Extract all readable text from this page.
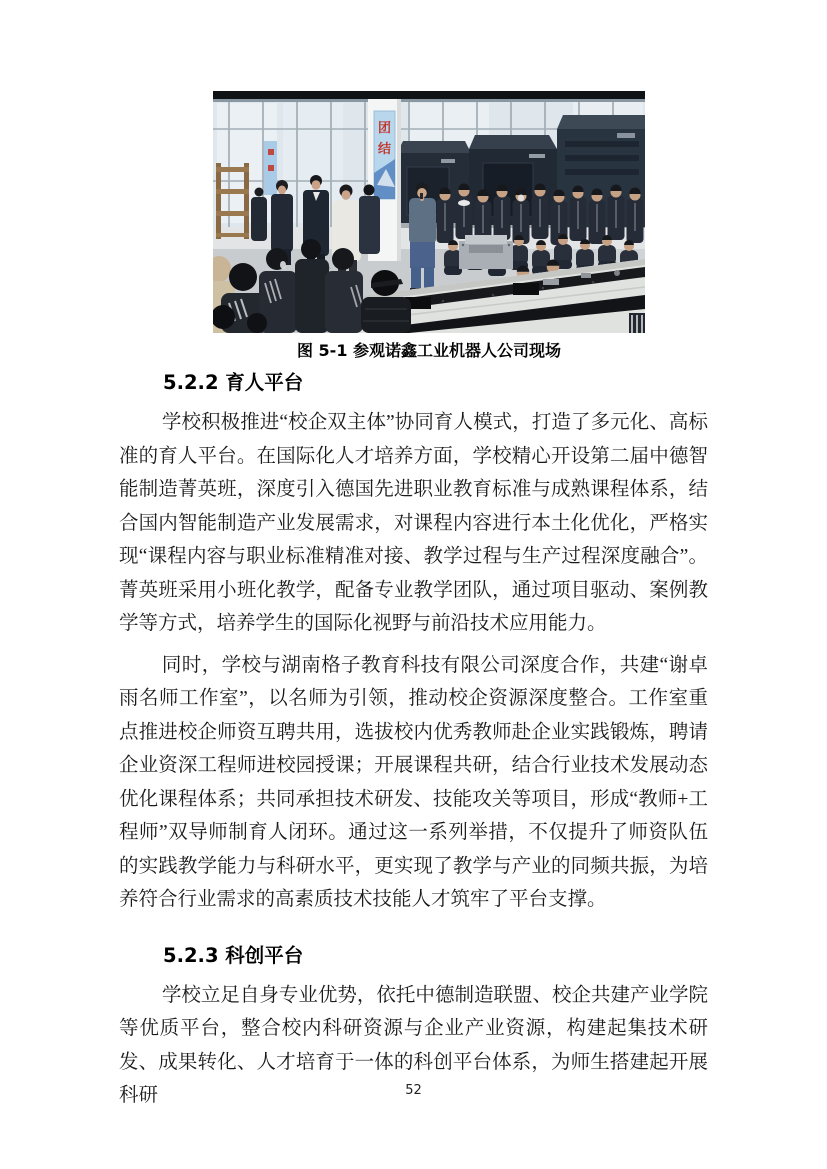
团
结
图 5-1 参观诺鑫工业机器人公司现场
5.2.2 育人平台

学校积极推进“校企双主体”协同育人模式，打造了多元化、高标准的育人平台。在国际化人才培养方面，学校精心开设第二届中德智能制造菁英班，深度引入德国先进职业教育标准与成熟课程体系，结合国内智能制造产业发展需求，对课程内容进行本土化优化，严格实现“课程内容与职业标准精准对接、教学过程与生产过程深度融合”。菁英班采用小班化教学，配备专业教学团队，通过项目驱动、案例教学等方式，培养学生的国际化视野与前沿技术应用能力。

同时，学校与湖南格子教育科技有限公司深度合作，共建“谢卓雨名师工作室”，以名师为引领，推动校企资源深度整合。工作室重点推进校企师资互聘共用，选拔校内优秀教师赴企业实践锻炼，聘请企业资深工程师进校园授课；开展课程共研，结合行业技术发展动态优化课程体系；共同承担技术研发、技能攻关等项目，形成“教师+工程师”双导师制育人闭环。通过这一系列举措，不仅提升了师资队伍的实践教学能力与科研水平，更实现了教学与产业的同频共振，为培养符合行业需求的高素质技术技能人才筑牢了平台支撑。

5.2.3 科创平台

学校立足自身专业优势，依托中德制造联盟、校企共建产业学院等优质平台，整合校内科研资源与企业产业资源，构建起集技术研发、成果转化、人才培育于一体的科创平台体系，为师生搭建起开展科研	52
